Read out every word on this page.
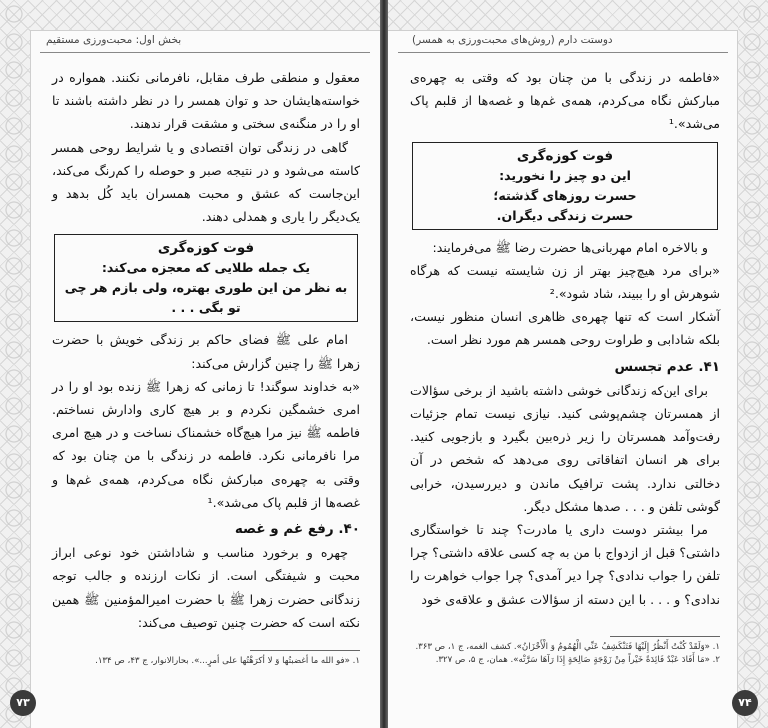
بخش اول: محبت‌ورزی مستقیم

معقول و منطقی طرف مقابل، نافرمانی نکنند. همواره در خواسته‌هایشان حد و توان همسر را در نظر داشته باشند تا او را در منگنه‌ی سختی و مشقت قرار ندهند.

گاهی در زندگی توان اقتصادی و یا شرایط روحی همسر کاسته می‌شود و در نتیجه صبر و حوصله را کم‌رنگ می‌کند، این‌جاست که عشق و محبت همسران باید کُل بدهد و یک‌دیگر را یاری و همدلی دهند.

فوت کوزه‌گری
یک جمله طلایی که معجزه می‌کند:
به نظر من این طوری بهتره، ولی بازم هر چی تو بگی . . .

امام علی ﷺ فضای حاکم بر زندگی خویش با حضرت زهرا ﷺ را چنین گزارش می‌کند:

«به خداوند سوگند! تا زمانی که زهرا ﷺ زنده بود او را در امری خشمگین نکردم و بر هیچ کاری وادارش نساختم. فاطمه ﷺ نیز مرا هیچ‌گاه خشمناک نساخت و در هیچ امری مرا نافرمانی نکرد. فاطمه در زندگی با من چنان بود که وقتی به چهره‌ی مبارکش نگاه می‌کردم، همه‌ی غم‌ها و غصه‌ها از قلبم پاک می‌شد».¹

۴۰. رفع غم و غصه

چهره و برخورد مناسب و شاداشتن خود نوعی ابراز محبت و شیفتگی است. از نکات ارزنده و جالب توجه زندگانی حضرت زهرا ﷺ با حضرت امیرالمؤمنین ﷺ همین نکته است که حضرت چنین توصیف می‌کند:

۱. «فو الله ما أغضبتُها وَ لا أكرَهْتُها على أمرٍ...». بحارالانوار، ج ۴۳، ص ۱۳۴.
۷۳
دوستت دارم (روش‌های محبت‌ورزی به همسر)

«فاطمه در زندگی با من چنان بود که وقتی به چهره‌ی مبارکش نگاه می‌کردم، همه‌ی غم‌ها و غصه‌ها از قلبم پاک می‌شد».¹

فوت کوزه‌گری
این دو چیز را نخورید:
حسرت روزهای گذشته؛
حسرت زندگی دیگران.

و بالاخره امام مهربانی‌ها حضرت رضا ﷺ می‌فرمایند:

«برای مرد هیچ‌چیز بهتر از زن شایسته نیست که هرگاه شوهرش او را ببیند، شاد شود».²

آشکار است که تنها چهره‌ی ظاهری انسان منظور نیست، بلکه شادابی و طراوت روحی همسر هم مورد نظر است.

۴۱. عدم تجسس

برای این‌که زندگانی خوشی داشته باشید از برخی سؤالات از همسرتان چشم‌پوشی کنید. نیازی نیست تمام جزئیات رفت‌وآمد همسرتان را زیر ذره‌بین بگیرد و بازجویی کنید. برای هر انسان اتفاقاتی روی می‌دهد که شخص در آن دخالتی ندارد. پشت ترافیک ماندن و دیررسیدن، خرابی گوشی تلفن و . . . صدها مشکل دیگر.

مرا بیشتر دوست داری یا مادرت؟ چند تا خواستگاری داشتی؟ قبل از ازدواج با من به چه کسی علاقه داشتی؟ چرا تلفن را جواب ندادی؟ چرا دیر آمدی؟ چرا جواب خواهرت را ندادی؟ و . . . با این دسته از سؤالات عشق و علاقه‌ی خود

۱. «وَلَقَدْ كُنْتُ أَنْظُرُ إِلَيْهَا فَتَنْكَشِفُ عَنِّي الْهُمُومُ وَ الْأَحْزَانُ». کشف الغمه، ج ۱، ص ۳۶۳.
۲. «مَا أَفَادَ عَبْدٌ فَائِدَةً خَيْراً مِنْ زَوْجَةٍ صَالِحَةٍ إِذَا رَآهَا سَرَّتْه». همان، ج ۵، ص ۳۲۷.
۷۴
